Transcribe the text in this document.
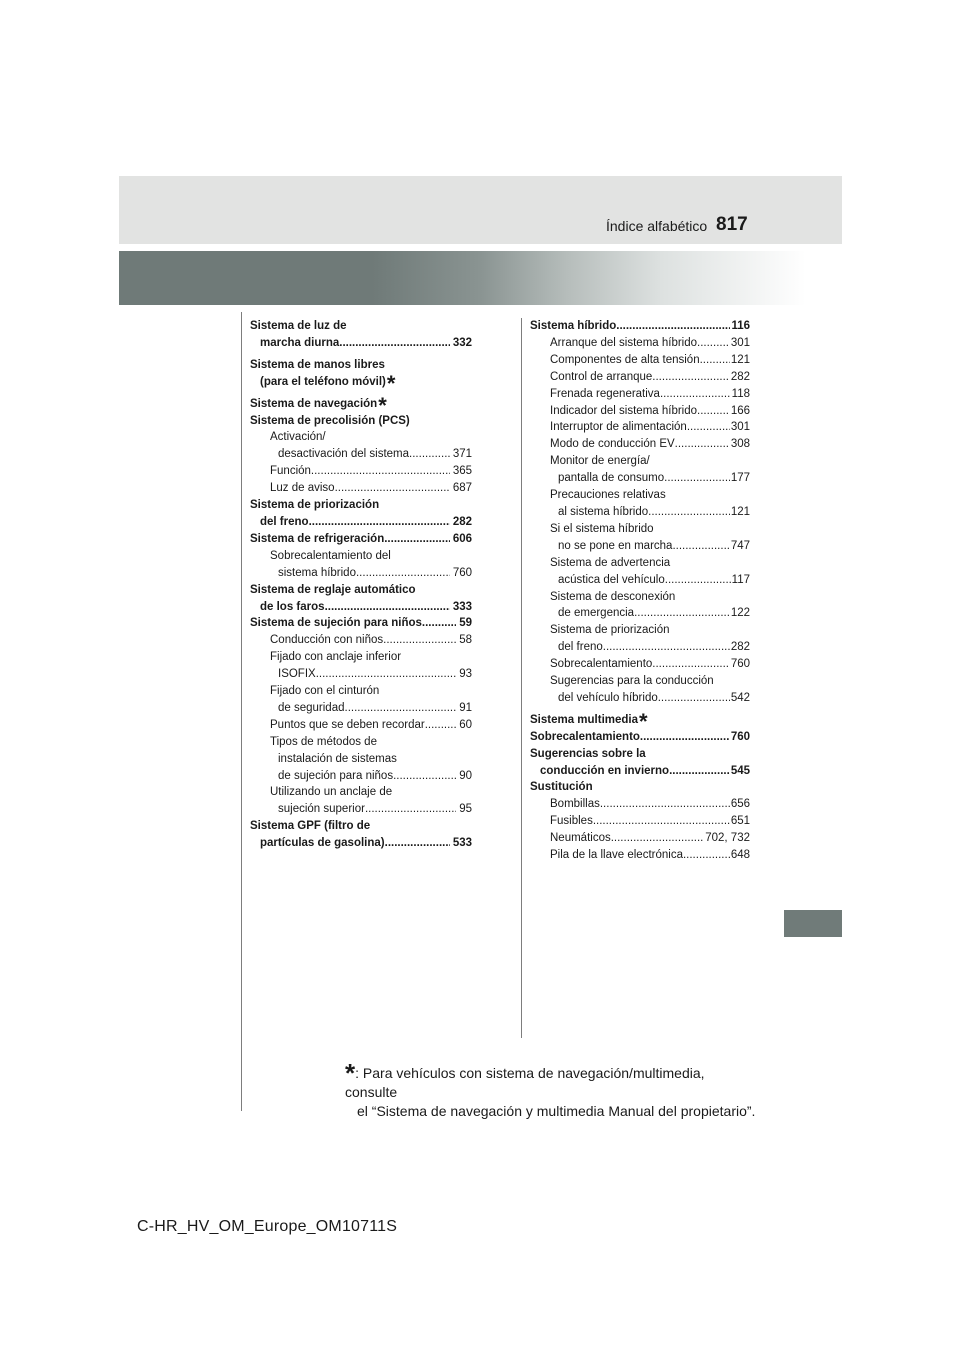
817
Índice alfabético
Sistema de luz de
marcha diurna .....	332
Sistema de manos libres
(para el teléfono móvil)*
Sistema de navegación*
Sistema de precolisión (PCS)
Activación/
desactivación del sistema .....	371
Función .....	365
Luz de aviso .....	687
Sistema de priorización
del freno .....	282
Sistema de refrigeración .....	606
Sobrecalentamiento del
sistema híbrido .....	760
Sistema de reglaje automático
de los faros .....	333
Sistema de sujeción para niños .....	59
Conducción con niños .....	58
Fijado con anclaje inferior
ISOFIX .....	93
Fijado con el cinturón
de seguridad .....	91
Puntos que se deben recordar .....	60
Tipos de métodos de
instalación de sistemas
de sujeción para niños .....	90
Utilizando un anclaje de
sujeción superior .....	95
Sistema GPF (filtro de
partículas de gasolina) .....	533
Sistema híbrido .....	116
Arranque del sistema híbrido .....	301
Componentes de alta tensión .....	121
Control de arranque .....	282
Frenada regenerativa .....	118
Indicador del sistema híbrido .....	166
Interruptor de alimentación .....	301
Modo de conducción EV .....	308
Monitor de energía/
pantalla de consumo .....	177
Precauciones relativas
al sistema híbrido .....	121
Si el sistema híbrido
no se pone en marcha .....	747
Sistema de advertencia
acústica del vehículo .....	117
Sistema de desconexión
de emergencia .....	122
Sistema de priorización
del freno .....	282
Sobrecalentamiento .....	760
Sugerencias para la conducción
del vehículo híbrido .....	542
Sistema multimedia*
Sobrecalentamiento .....	760
Sugerencias sobre la
conducción en invierno .....	545
Sustitución
Bombillas .....	656
Fusibles .....	651
Neumáticos .....	702, 732
Pila de la llave electrónica .....	648
*: Para vehículos con sistema de navegación/multimedia, consulte
el “Sistema de navegación y multimedia Manual del propietario”.
C-HR_HV_OM_Europe_OM10711S
